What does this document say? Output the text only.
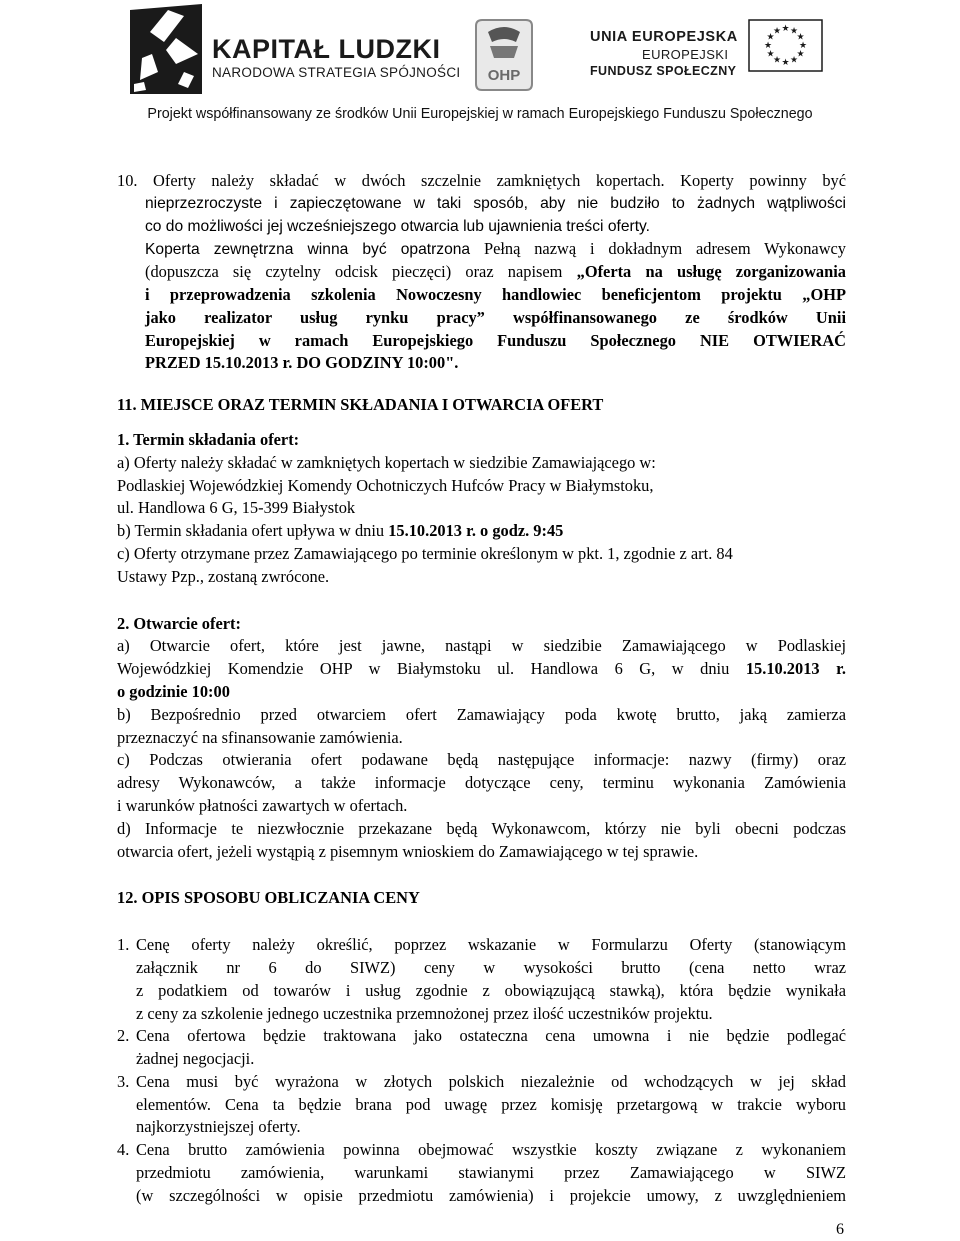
KAPITAŁ LUDZKI
NARODOWA STRATEGIA SPÓJNOŚCI OHP
UNIA EUROPEJSKA
EUROPEJSKI
FUNDUSZ SPOŁECZNY
★ ★
★
★
★
★
★
★
★
★
★
★
Projekt współfinansowany ze środków Unii Europejskiej w ramach Europejskiego Funduszu Społecznego
10. Oferty należy składać w dwóch szczelnie zamkniętych kopertach. Koperty powinny być
nieprzezroczyste i zapieczętowane w taki sposób, aby nie budziło to żadnych wątpliwości
co do możliwości jej wcześniejszego otwarcia lub ujawnienia treści oferty.
Koperta zewnętrzna winna być opatrzona Pełną nazwą i dokładnym adresem Wykonawcy
(dopuszcza się czytelny odcisk pieczęci) oraz napisem „Oferta na usługę zorganizowania
i przeprowadzenia szkolenia Nowoczesny handlowiec beneficjentom projektu „OHP
jako realizator usług rynku pracy” współfinansowanego ze środków Unii
Europejskiej w ramach Europejskiego Funduszu Społecznego NIE OTWIERAĆ
PRZED 15.10.2013 r. DO GODZINY 10:00".
11. MIEJSCE ORAZ TERMIN SKŁADANIA I OTWARCIA OFERT
1. Termin składania ofert:
a) Oferty należy składać w zamkniętych kopertach w siedzibie Zamawiającego w:
Podlaskiej Wojewódzkiej Komendy Ochotniczych Hufców Pracy w Białymstoku,
ul. Handlowa 6 G, 15-399 Białystok
b) Termin składania ofert upływa w dniu 15.10.2013 r. o godz. 9:45
c) Oferty otrzymane przez Zamawiającego po terminie określonym w pkt. 1, zgodnie z art. 84
Ustawy Pzp., zostaną zwrócone.
2. Otwarcie ofert:
a) Otwarcie ofert, które jest jawne, nastąpi w siedzibie Zamawiającego w Podlaskiej
Wojewódzkiej Komendzie OHP w Białymstoku ul. Handlowa 6 G, w dniu 15.10.2013 r.
o godzinie 10:00
b) Bezpośrednio przed otwarciem ofert Zamawiający poda kwotę brutto, jaką zamierza
przeznaczyć na sfinansowanie zamówienia.
c) Podczas otwierania ofert podawane będą następujące informacje: nazwy (firmy) oraz
adresy Wykonawców, a także informacje dotyczące ceny, terminu wykonania Zamówienia
i warunków płatności zawartych w ofertach.
d) Informacje te niezwłocznie przekazane będą Wykonawcom, którzy nie byli obecni podczas
otwarcia ofert, jeżeli wystąpią z pisemnym wnioskiem do Zamawiającego w tej sprawie.
12. OPIS SPOSOBU OBLICZANIA CENY
1. Cenę oferty należy określić, poprzez wskazanie w Formularzu Oferty (stanowiącym
załącznik nr 6 do SIWZ) ceny w wysokości brutto (cena netto wraz
z podatkiem od towarów i usług zgodnie z obowiązującą stawką), która będzie wynikała
z ceny za szkolenie jednego uczestnika przemnożonej przez ilość uczestników projektu.
2. Cena ofertowa będzie traktowana jako ostateczna cena umowna i nie będzie podlegać
żadnej negocjacji.
3. Cena musi być wyrażona w złotych polskich niezależnie od wchodzących w jej skład
elementów. Cena ta będzie brana pod uwagę przez komisję przetargową w trakcie wyboru
najkorzystniejszej oferty.
4. Cena brutto zamówienia powinna obejmować wszystkie koszty związane z wykonaniem
przedmiotu zamówienia, warunkami stawianymi przez Zamawiającego w SIWZ
(w szczególności w opisie przedmiotu zamówienia) i projekcie umowy, z uwzględnieniem
6
